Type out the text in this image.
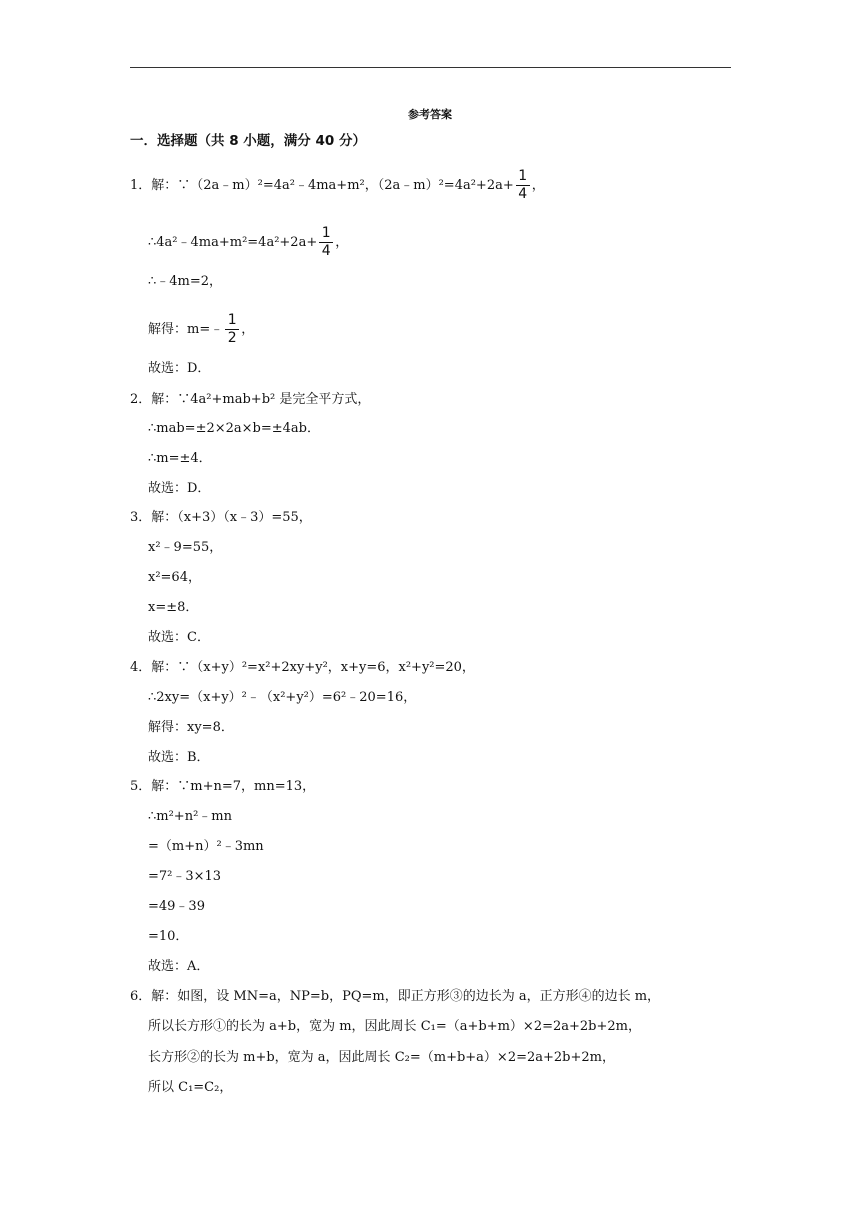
参考答案
一．选择题（共 8 小题，满分 40 分）
1．解：∵（2a﹣m）²=4a²﹣4ma+m²，（2a﹣m）²=4a²+2a+ $\frac{1}{4}$ ，
∴4a²﹣4ma+m²=4a²+2a+ $\frac{1}{4}$ ，
∴﹣4m=2，
解得：m=﹣ $\frac{1}{2}$ ，
故选：D．
2．解：∵4a²+mab+b² 是完全平方式，
∴mab=±2×2a×b=±4ab．
∴m=±4．
故选：D．
3．解：（x+3）（x﹣3）=55，
x²﹣9=55，
x²=64，
x=±8．
故选：C．
4．解：∵（x+y）²=x²+2xy+y²，x+y=6，x²+y²=20，
∴2xy=（x+y）²﹣（x²+y²）=6²﹣20=16，
解得：xy=8．
故选：B．
5．解：∵m+n=7，mn=13，
∴m²+n²﹣mn
=（m+n）²﹣3mn
=7²﹣3×13
=49﹣39
=10．
故选：A．
6．解：如图，设 MN=a，NP=b，PQ=m，即正方形③的边长为 a，正方形④的边长 m，
所以长方形①的长为 a+b，宽为 m，因此周长 C₁=（a+b+m）×2=2a+2b+2m，
长方形②的长为 m+b，宽为 a，因此周长 C₂=（m+b+a）×2=2a+2b+2m，
所以 C₁=C₂，
